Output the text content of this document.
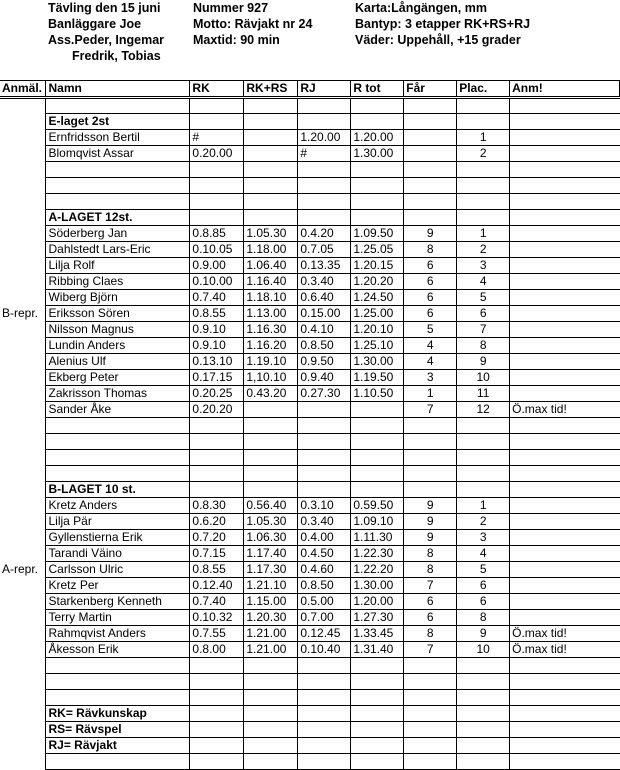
Tävling den 15 juni
Banläggare Joe
Ass.Peder, Ingemar
Fredrik, Tobias
Nummer 927
Motto: Rävjakt nr 24
Maxtid: 90 min
Karta:Långängen, mm
Bantyp: 3 etapper RK+RS+RJ
Väder: Uppehåll, +15 grader
Anmäl.	Namn	RK	RK+RS	RJ	R tot	Får	Plac.	Anm!

	E-laget 2st							
	Ernfridsson Bertil	#		1.20.00	1.20.00		1	
	Blomqvist Assar	0.20.00		#	1.30.00		2	

	A-LAGET 12st.							
	Söderberg Jan	0.8.85	1.05.30	0.4.20	1.09.50	9	1	
	Dahlstedt Lars-Eric	0.10.05	1.18.00	0.7.05	1.25.05	8	2	
	Lilja Rolf	0.9.00	1.06.40	0.13.35	1.20.15	6	3	
	Ribbing Claes	0.10.00	1.16.40	0.3.40	1.20.20	6	4	
	Wiberg Björn	0.7.40	1.18.10	0.6.40	1.24.50	6	5	
B-repr.	Eriksson Sören	0.8.55	1.13.00	0.15.00	1.25.00	6	6	
	Nilsson Magnus	0.9.10	1.16.30	0.4.10	1.20.10	5	7	
	Lundin Anders	0.9.10	1.16.20	0.8.50	1.25.10	4	8	
	Alenius Ulf	0.13.10	1.19.10	0.9.50	1.30.00	4	9	
	Ekberg Peter	0.17.15	1,10.10	0.9.40	1.19.50	3	10	
	Zakrisson Thomas	0.20.25	0.43.20	0.27.30	1.10.50	1	11	
	Sander Åke	0.20.20				7	12	Ö.max tid!

	B-LAGET 10 st.							
	Kretz Anders	0.8.30	0.56.40	0.3.10	0.59.50	9	1	
	Lilja Pär	0.6.20	1.05.30	0.3.40	1.09.10	9	2	
	Gyllenstierna Erik	0.7.20	1.06.30	0.4.00	1.11.30	9	3	
	Tarandi Väino	0.7.15	1.17.40	0.4.50	1.22.30	8	4	
A-repr.	Carlsson Ulric	0.8.55	1.17.30	0.4.60	1.22.20	8	5	
	Kretz Per	0.12.40	1.21.10	0.8.50	1.30.00	7	6	
	Starkenberg Kenneth	0.7.40	1.15.00	0.5.00	1.20.00	6	6	
	Terry Martin	0.10.32	1.20.30	0.7.00	1.27.30	6	8	
	Rahmqvist Anders	0.7.55	1.21.00	0.12.45	1.33.45	8	9	Ö.max tid!
	Åkesson Erik	0.8.00	1.21.00	0.10.40	1.31.40	7	10	Ö.max tid!

	RK= Rävkunskap							
	RS= Rävspel							
	RJ= Rävjakt							
